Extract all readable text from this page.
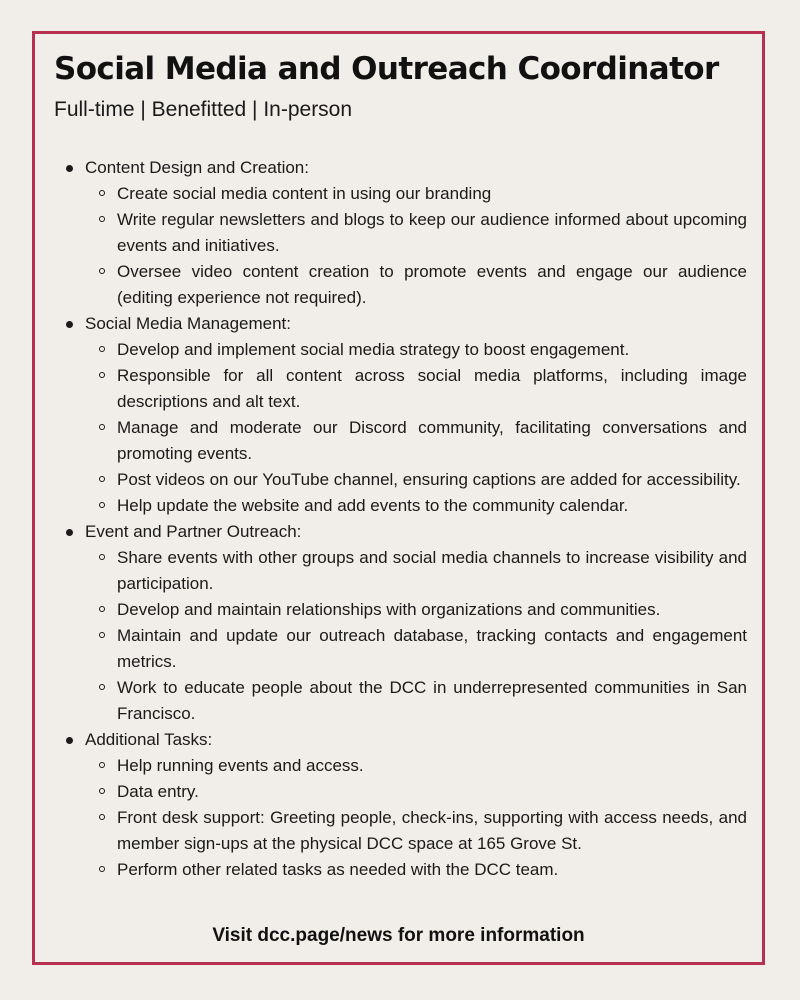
Social Media and Outreach Coordinator

Full-time | Benefitted | In-person

Content Design and Creation:
Create social media content in using our branding
Write regular newsletters and blogs to keep our audience informed about upcoming events and initiatives.
Oversee video content creation to promote events and engage our audience (editing experience not required).
Social Media Management:
Develop and implement social media strategy to boost engagement.
Responsible for all content across social media platforms, including image descriptions and alt text.
Manage and moderate our Discord community, facilitating conversations and promoting events.
Post videos on our YouTube channel, ensuring captions are added for accessibility.
Help update the website and add events to the community calendar.
Event and Partner Outreach:
Share events with other groups and social media channels to increase visibility and participation.
Develop and maintain relationships with organizations and communities.
Maintain and update our outreach database, tracking contacts and engagement metrics.
Work to educate people about the DCC in underrepresented communities in San Francisco.
Additional Tasks:
Help running events and access.
Data entry.
Front desk support: Greeting people, check-ins, supporting with access needs, and member sign-ups at the physical DCC space at 165 Grove St.
Perform other related tasks as needed with the DCC team.

Visit dcc.page/news for more information
